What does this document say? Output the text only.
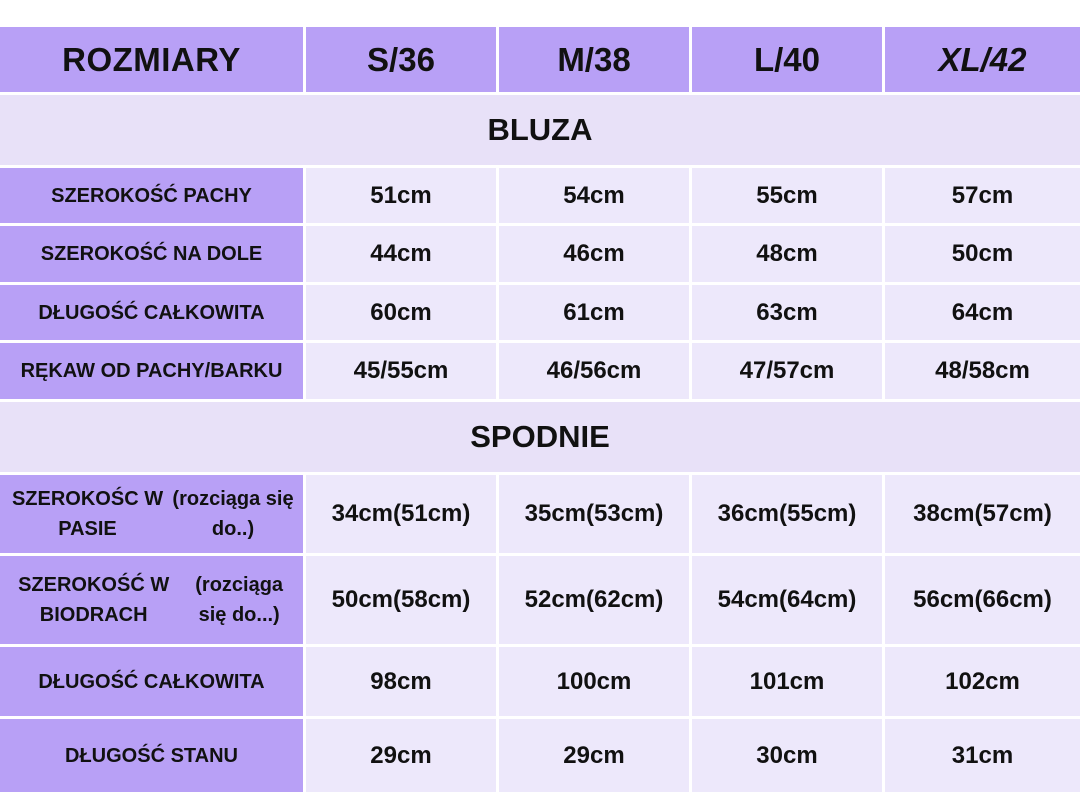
ROZMIARY	S/36	M/38	L/40	XL/42
BLUZA
SZEROKOŚĆ PACHY	51cm	54cm	55cm	57cm
SZEROKOŚĆ NA DOLE	44cm	46cm	48cm	50cm
DŁUGOŚĆ CAŁKOWITA	60cm	61cm	63cm	64cm
RĘKAW OD PACHY/BARKU	45/55cm	46/56cm	47/57cm	48/58cm
SPODNIE
SZEROKOŚC W PASIE
(rozciąga się do..)
34cm(51cm)	35cm(53cm)	36cm(55cm)	38cm(57cm)
SZEROKOŚĆ W BIODRACH
(rozciąga się do...)
50cm(58cm)	52cm(62cm)	54cm(64cm)	56cm(66cm)
DŁUGOŚĆ CAŁKOWITA	98cm	100cm	101cm	102cm
DŁUGOŚĆ STANU	29cm	29cm	30cm	31cm
